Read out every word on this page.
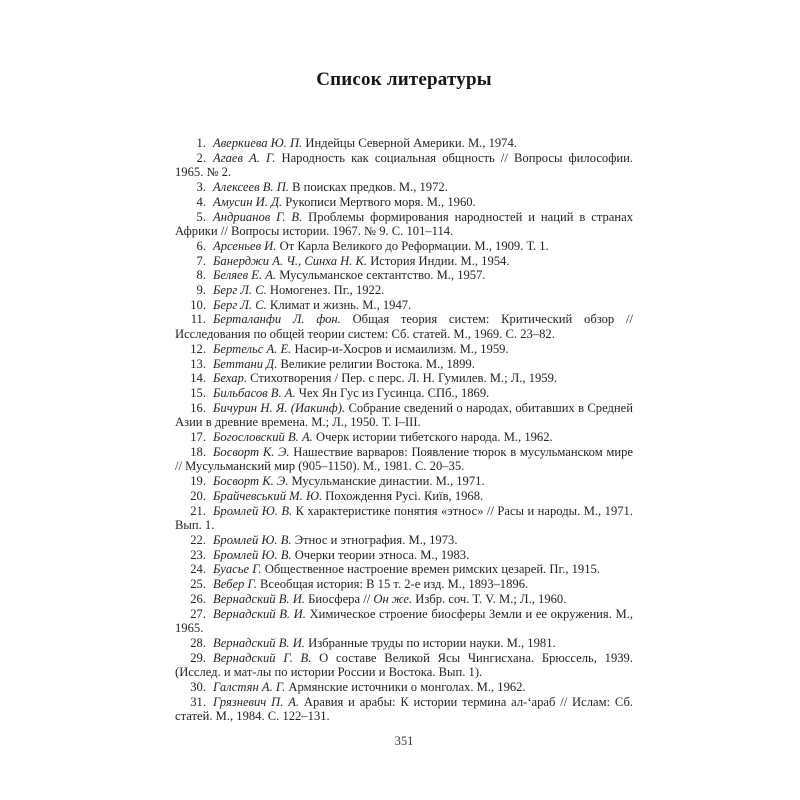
Список литературы

1. Аверкиева Ю. П. Индейцы Северной Америки. М., 1974.

2. Агаев А. Г. Народность как социальная общность // Вопросы философии. 1965. № 2.

3. Алексеев В. П. В поисках предков. М., 1972.

4. Амусин И. Д. Рукописи Мертвого моря. М., 1960.

5. Андрианов Г. В. Проблемы формирования народностей и наций в странах Африки // Вопросы истории. 1967. № 9. С. 101–114.

6. Арсеньев И. От Карла Великого до Реформации. М., 1909. Т. 1.

7. Банерджи А. Ч., Синха Н. К. История Индии. М., 1954.

8. Беляев Е. А. Мусульманское сектантство. М., 1957.

9. Берг Л. С. Номогенез. Пг., 1922.

10. Берг Л. С. Климат и жизнь. М., 1947.

11. Берталанфи Л. фон. Общая теория систем: Критический обзор // Исследования по общей теории систем: Сб. статей. М., 1969. С. 23–82.

12. Бертельс А. Е. Насир-и-Хосров и исмаилизм. М., 1959.

13. Беттани Д. Великие религии Востока. М., 1899.

14. Бехар. Стихотворения / Пер. с перс. Л. Н. Гумилев. М.; Л., 1959.

15. Бильбасов В. А. Чех Ян Гус из Гусинца. СПб., 1869.

16. Бичурин Н. Я. (Иакинф). Собрание сведений о народах, обитавших в Средней Азии в древние времена. М.; Л., 1950. Т. I–III.

17. Богословский В. А. Очерк истории тибетского народа. М., 1962.

18. Босворт К. Э. Нашествие варваров: Появление тюрок в мусульманском мире // Мусульманский мир (905–1150). М., 1981. С. 20–35.

19. Босворт К. Э. Мусульманские династии. М., 1971.

20. Брайчевський М. Ю. Похождення Русі. Київ, 1968.

21. Бромлей Ю. В. К характеристике понятия «этнос» // Расы и народы. М., 1971. Вып. 1.

22. Бромлей Ю. В. Этнос и этнография. М., 1973.

23. Бромлей Ю. В. Очерки теории этноса. М., 1983.

24. Буасье Г. Общественное настроение времен римских цезарей. Пг., 1915.

25. Вебер Г. Всеобщая история: В 15 т. 2-е изд. М., 1893–1896.

26. Вернадский В. И. Биосфера // Он же. Избр. соч. Т. V. М.; Л., 1960.

27. Вернадский В. И. Химическое строение биосферы Земли и ее окружения. М., 1965.

28. Вернадский В. И. Избранные труды по истории науки. М., 1981.

29. Вернадский Г. В. О составе Великой Ясы Чингисхана. Брюссель, 1939. (Исслед. и мат-лы по истории России и Востока. Вып. 1).

30. Галстян А. Г. Армянские источники о монголах. М., 1962.

31. Грязневич П. А. Аравия и арабы: К истории термина ал-‘араб // Ислам: Сб. статей. М., 1984. С. 122–131.

351
